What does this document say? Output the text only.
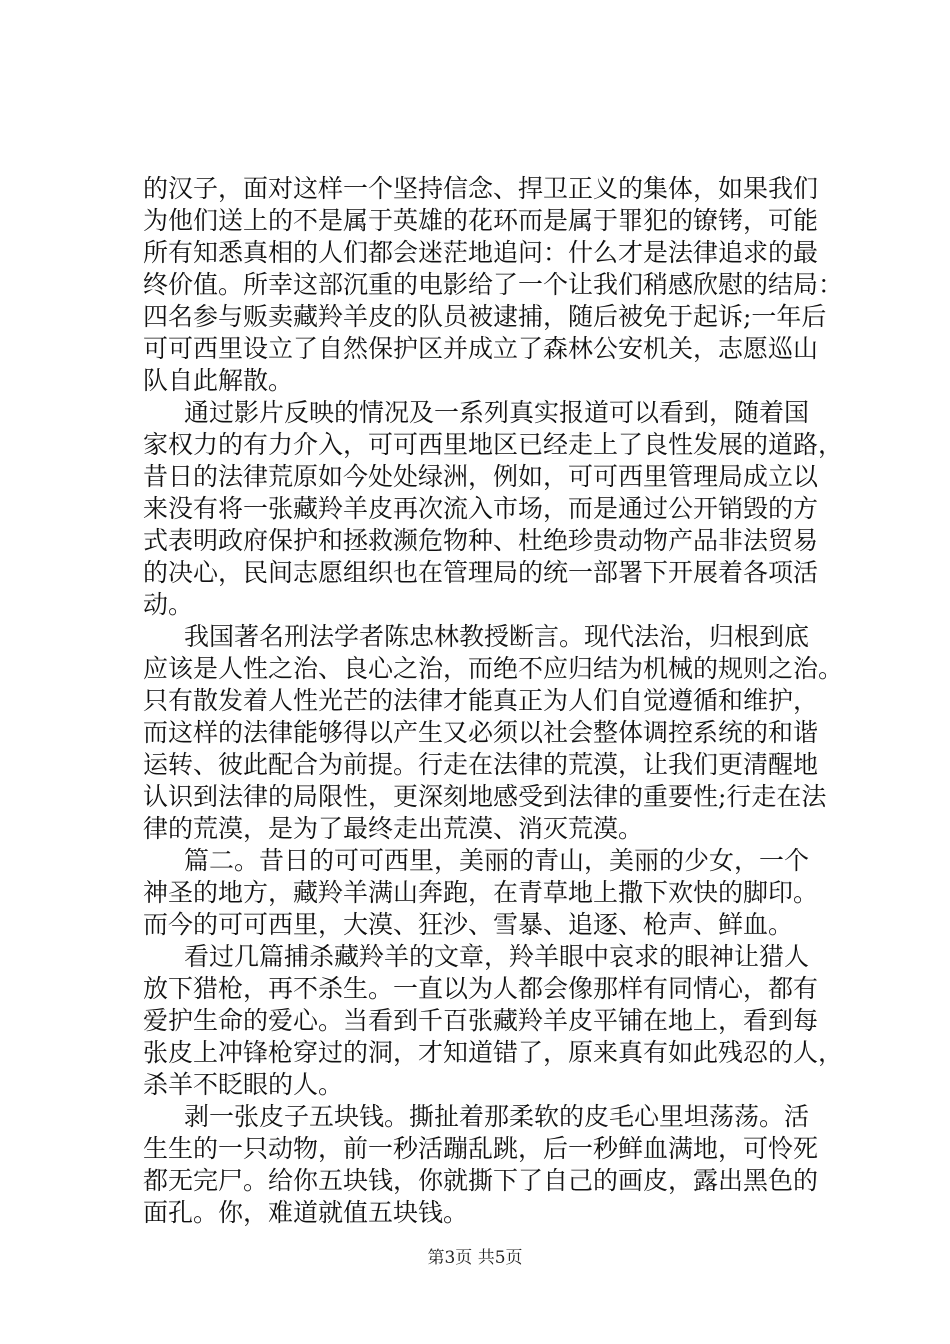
的汉子，面对这样一个坚持信念、捍卫正义的集体，如果我们
为他们送上的不是属于英雄的花环而是属于罪犯的镣铐，可能
所有知悉真相的人们都会迷茫地追问：什么才是法律追求的最
终价值。所幸这部沉重的电影给了一个让我们稍感欣慰的结局：
四名参与贩卖藏羚羊皮的队员被逮捕，随后被免于起诉;一年后
可可西里设立了自然保护区并成立了森林公安机关，志愿巡山
队自此解散。
通过影片反映的情况及一系列真实报道可以看到，随着国
家权力的有力介入，可可西里地区已经走上了良性发展的道路，
昔日的法律荒原如今处处绿洲，例如，可可西里管理局成立以
来没有将一张藏羚羊皮再次流入市场，而是通过公开销毁的方
式表明政府保护和拯救濒危物种、杜绝珍贵动物产品非法贸易
的决心，民间志愿组织也在管理局的统一部署下开展着各项活
动。
我国著名刑法学者陈忠林教授断言。现代法治，归根到底
应该是人性之治、良心之治，而绝不应归结为机械的规则之治。
只有散发着人性光芒的法律才能真正为人们自觉遵循和维护，
而这样的法律能够得以产生又必须以社会整体调控系统的和谐
运转、彼此配合为前提。行走在法律的荒漠，让我们更清醒地
认识到法律的局限性，更深刻地感受到法律的重要性;行走在法
律的荒漠，是为了最终走出荒漠、消灭荒漠。
篇二。昔日的可可西里，美丽的青山，美丽的少女，一个
神圣的地方，藏羚羊满山奔跑，在青草地上撒下欢快的脚印。
而今的可可西里，大漠、狂沙、雪暴、追逐、枪声、鲜血。
看过几篇捕杀藏羚羊的文章，羚羊眼中哀求的眼神让猎人
放下猎枪，再不杀生。一直以为人都会像那样有同情心，都有
爱护生命的爱心。当看到千百张藏羚羊皮平铺在地上，看到每
张皮上冲锋枪穿过的洞，才知道错了，原来真有如此残忍的人，
杀羊不眨眼的人。
剥一张皮子五块钱。撕扯着那柔软的皮毛心里坦荡荡。活
生生的一只动物，前一秒活蹦乱跳，后一秒鲜血满地，可怜死
都无完尸。给你五块钱，你就撕下了自己的画皮，露出黑色的
面孔。你，难道就值五块钱。
第3页 共5页
